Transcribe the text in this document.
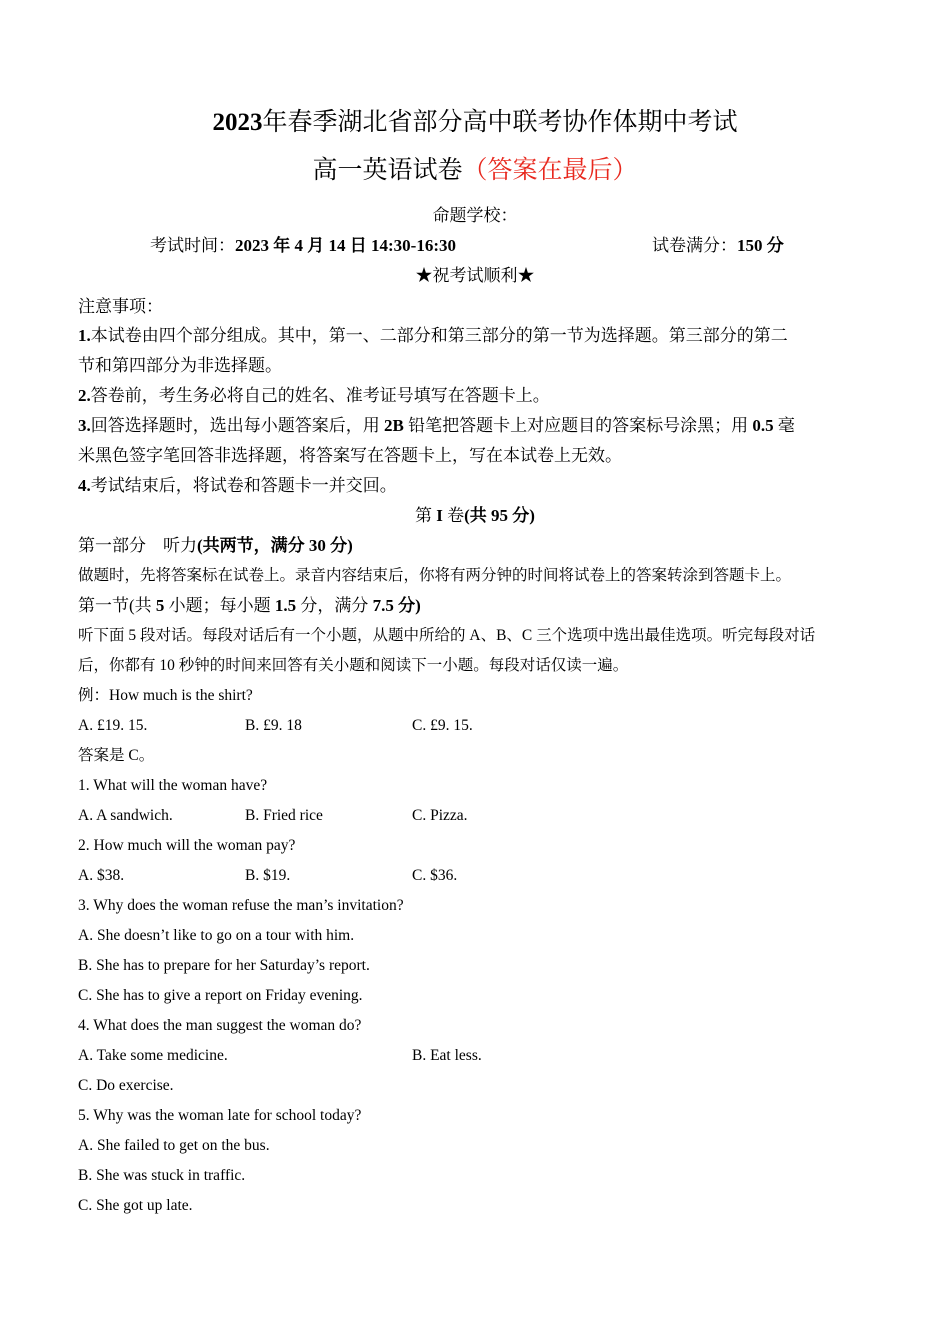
2023年春季湖北省部分高中联考协作体期中考试
高一英语试卷（答案在最后）
命题学校：
考试时间：2023 年 4 月 14 日 14:30-16:30	试卷满分：150 分
★祝考试顺利★
注意事项：
1.本试卷由四个部分组成。其中，第一、二部分和第三部分的第一节为选择题。第三部分的第二
节和第四部分为非选择题。
2.答卷前，考生务必将自己的姓名、准考证号填写在答题卡上。
3.回答选择题时，选出每小题答案后，用 2B 铅笔把答题卡上对应题目的答案标号涂黑；用 0.5 毫
米黑色签字笔回答非选择题，将答案写在答题卡上，写在本试卷上无效。
4.考试结束后，将试卷和答题卡一并交回。
第 I 卷(共 95 分)
第一部分　听力(共两节，满分 30 分)
做题时，先将答案标在试卷上。录音内容结束后，你将有两分钟的时间将试卷上的答案转涂到答题卡上。
第一节(共 5 小题；每小题 1.5 分，满分 7.5 分)
听下面 5 段对话。每段对话后有一个小题，从题中所给的 A、B、C 三个选项中选出最佳选项。听完每段对话
后，你都有 10 秒钟的时间来回答有关小题和阅读下一小题。每段对话仅读一遍。
例：How much is the shirt?
A. £19. 15.	B. £9. 18	C. £9. 15.
答案是 C。
1. What will the woman have?
A. A sandwich.	B. Fried rice	C. Pizza.
2. How much will the woman pay?
A. $38.	B. $19.	C. $36.
3. Why does the woman refuse the man’s invitation?
A. She doesn’t like to go on a tour with him.
B. She has to prepare for her Saturday’s report.
C. She has to give a report on Friday evening.
4. What does the man suggest the woman do?
A. Take some medicine.	B. Eat less.
C. Do exercise.
5. Why was the woman late for school today?
A. She failed to get on the bus.
B. She was stuck in traffic.
C. She got up late.
